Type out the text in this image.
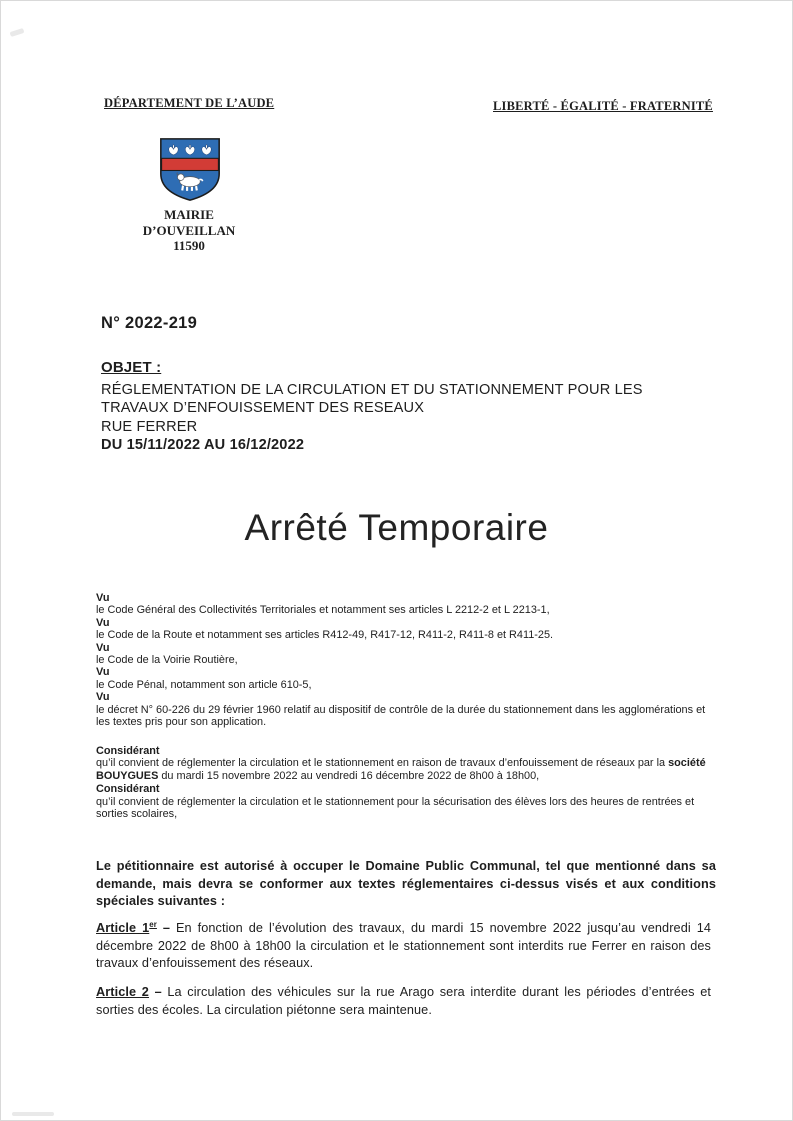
DÉPARTEMENT DE L’AUDE	LIBERTÉ - ÉGALITÉ - FRATERNITÉ
MAIRIE
D’OUVEILLAN
11590
N° 2022-219
OBJET :
RÉGLEMENTATION DE LA CIRCULATION ET DU STATIONNEMENT POUR LES
TRAVAUX D’ENFOUISSEMENT DES RESEAUX
RUE FERRER
DU 15/11/2022 AU 16/12/2022
Arrêté Temporaire
Vu
le Code Général des Collectivités Territoriales et notamment ses articles L 2212-2 et L 2213-1,
Vu
le Code de la Route et notamment ses articles R412-49, R417-12, R411-2, R411-8 et R411-25.
Vu
le Code de la Voirie Routière,
Vu
le Code Pénal, notamment son article 610-5,
Vu
le décret N° 60-226 du 29 février 1960 relatif au dispositif de contrôle de la durée du stationnement dans les agglomérations et les textes pris pour son application.
Considérant
qu’il convient de réglementer la circulation et le stationnement en raison de travaux d’enfouissement de réseaux par la société BOUYGUES du mardi 15 novembre 2022 au vendredi 16 décembre 2022 de 8h00 à 18h00,
Considérant
qu’il convient de réglementer la circulation et le stationnement pour la sécurisation des élèves lors des heures de rentrées et sorties scolaires,
Le pétitionnaire est autorisé à occuper le Domaine Public Communal, tel que mentionné dans sa demande, mais devra se conformer aux textes réglementaires ci-dessus visés et aux conditions spéciales suivantes :
Article 1er – En fonction de l’évolution des travaux, du mardi 15 novembre 2022 jusqu’au vendredi 14 décembre 2022 de 8h00 à 18h00 la circulation et le stationnement sont interdits rue Ferrer en raison des travaux d’enfouissement des réseaux.
Article 2 – La circulation des véhicules sur la rue Arago sera interdite durant les périodes d’entrées et sorties des écoles. La circulation piétonne sera maintenue.
